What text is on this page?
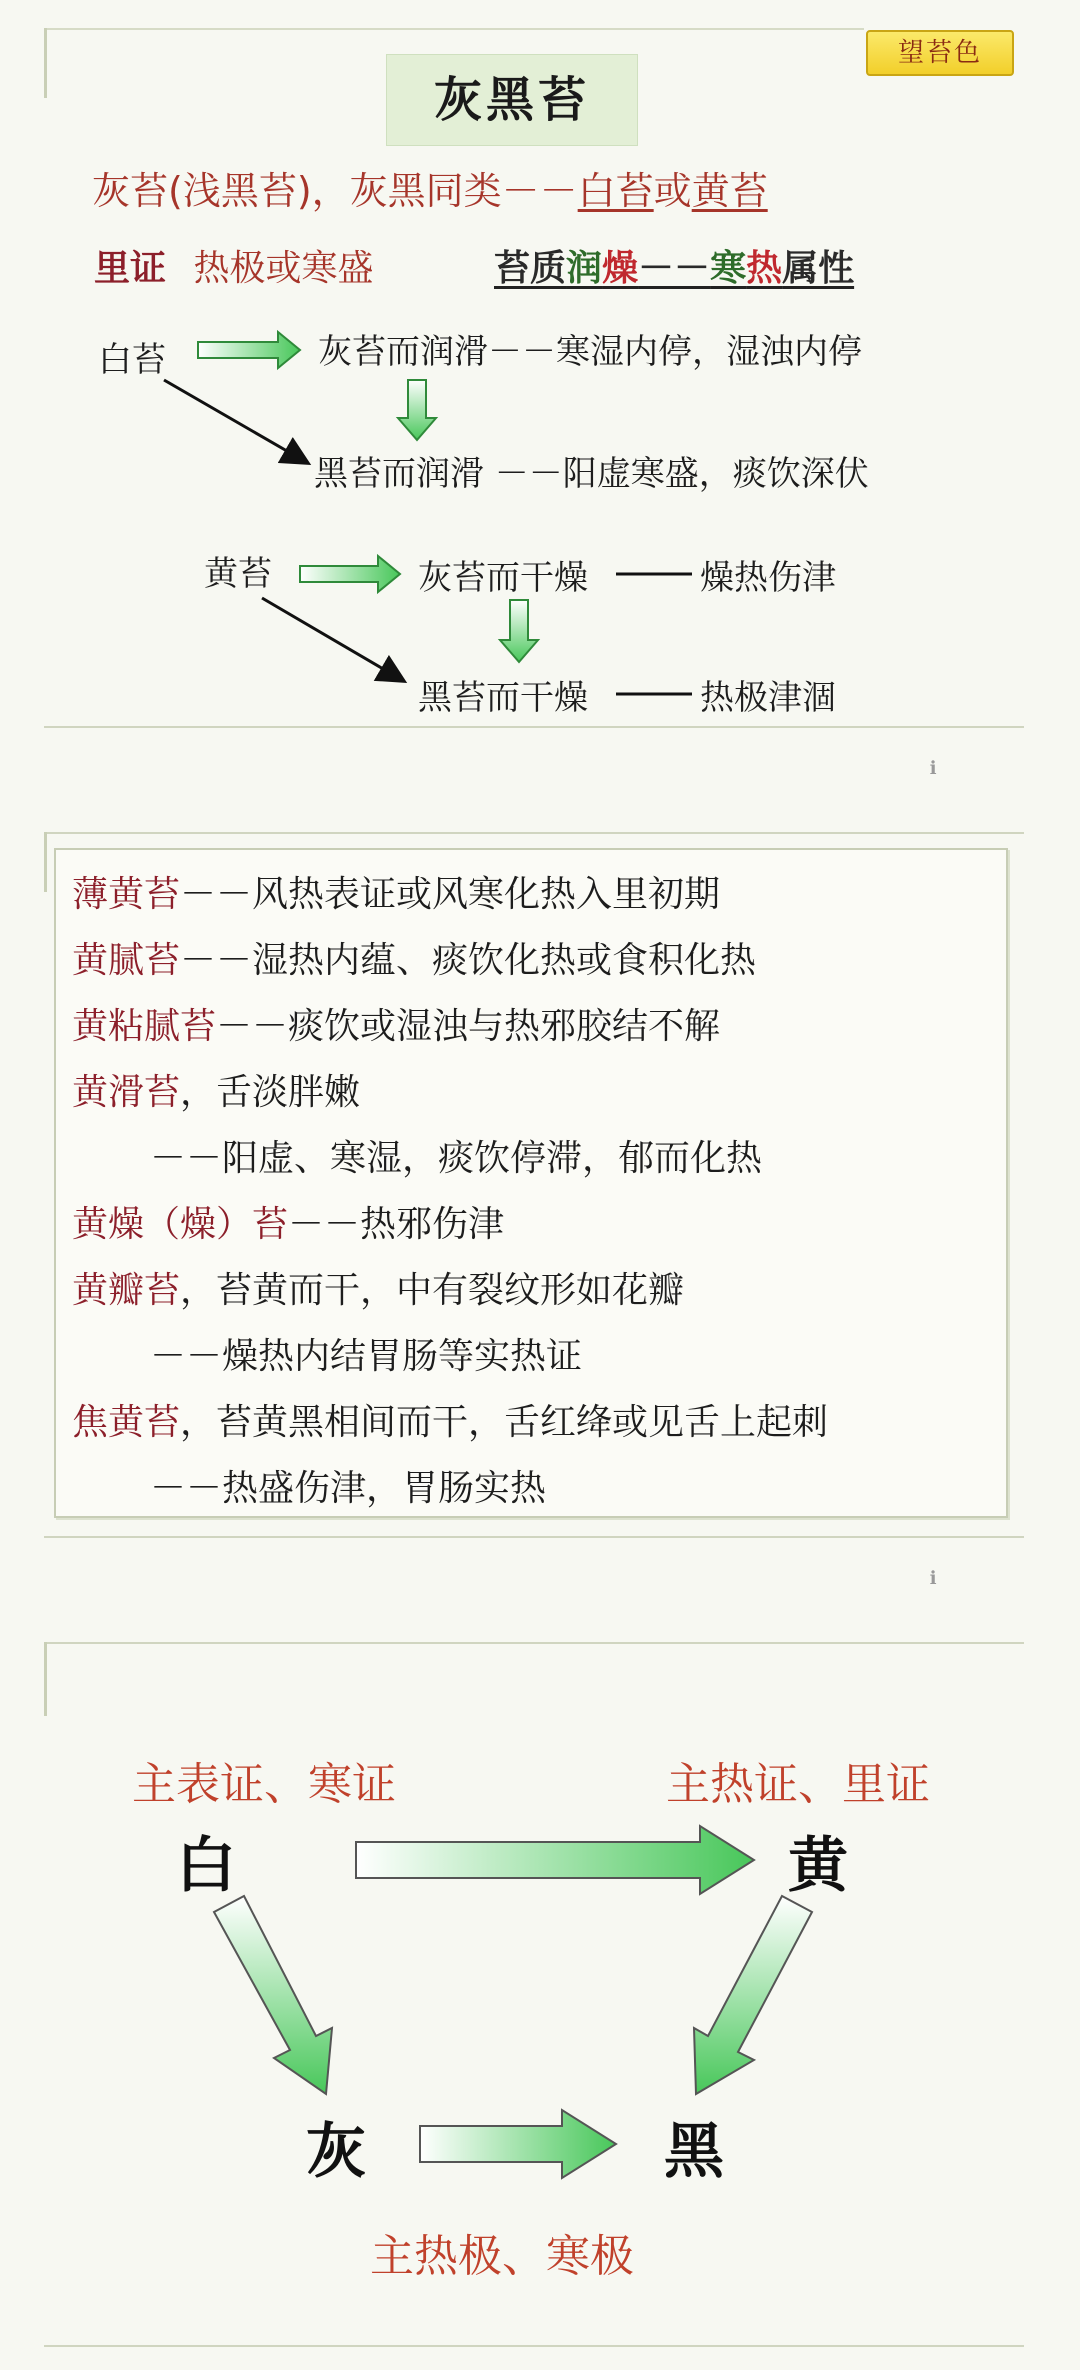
望苔色
灰黑苔
灰苔(浅黑苔)，灰黑同类－－白苔或黄苔
里证 热极或寒盛	苔质润燥－－寒热属性
白苔	灰苔而润滑－－寒湿内停，湿浊内停
黑苔而润滑 －－阳虚寒盛，痰饮深伏
黄苔	灰苔而干燥	燥热伤津
黑苔而干燥	热极津涸
ℹ
薄黄苔－－风热表证或风寒化热入里初期
黄腻苔－－湿热内蕴、痰饮化热或食积化热
黄粘腻苔－－痰饮或湿浊与热邪胶结不解
黄滑苔，舌淡胖嫩
－－阳虚、寒湿，痰饮停滞，郁而化热
黄燥（燥）苔－－热邪伤津
黄瓣苔，苔黄而干，中有裂纹形如花瓣
－－燥热内结胃肠等实热证
焦黄苔，苔黄黑相间而干，舌红绛或见舌上起刺
－－热盛伤津，胃肠实热
ℹ
主表证、寒证	主热证、里证
白	黄
灰	黑
主热极、寒极
